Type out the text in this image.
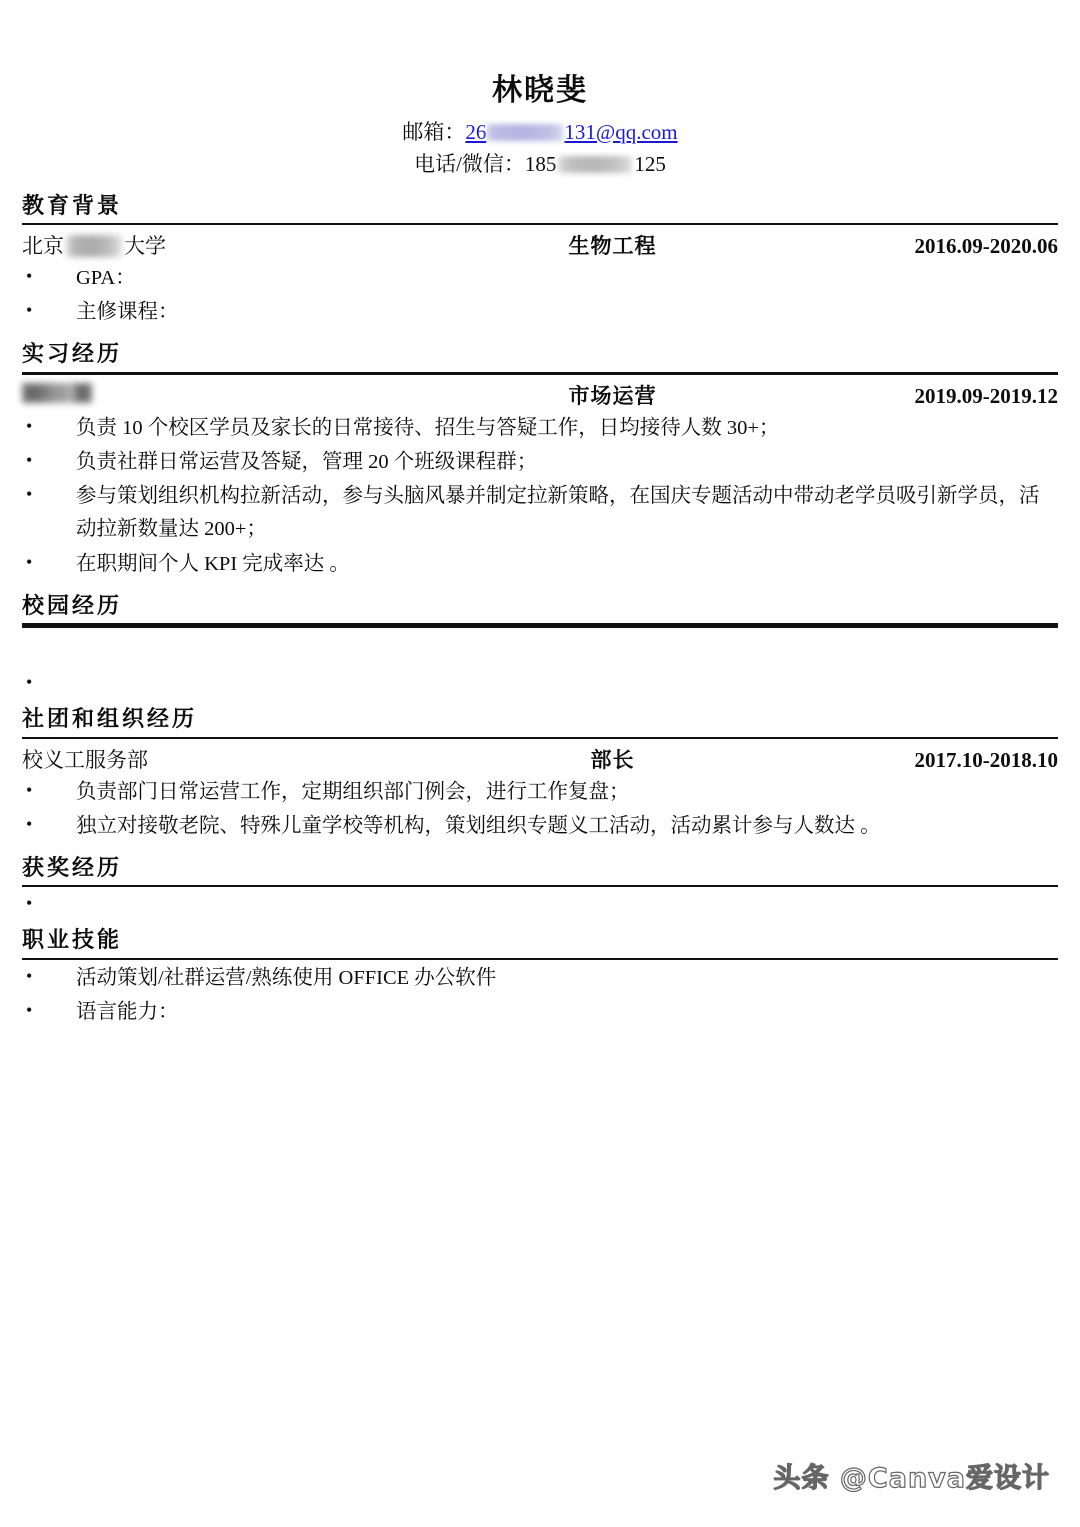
林晓斐
邮箱：26	131@qq.com
电话/微信：185	125
教育背景
北京	大学	生物工程	2016.09-2020.06
• GPA：
• 主修课程：
实习经历
市场运营	2019.09-2019.12
• 负责 10 个校区学员及家长的日常接待、招生与答疑工作，日均接待人数 30+；
• 负责社群日常运营及答疑，管理 20 个班级课程群；
• 参与策划组织机构拉新活动，参与头脑风暴并制定拉新策略，在国庆专题活动中带动老学员吸引新学员，活动拉新数量达 200+；
• 在职期间个人 KPI 完成率达 。
校园经历
•
社团和组织经历
校义工服务部	部长	2017.10-2018.10
• 负责部门日常运营工作，定期组织部门例会，进行工作复盘；
• 独立对接敬老院、特殊儿童学校等机构，策划组织专题义工活动，活动累计参与人数达 。
获奖经历
•
职业技能
• 活动策划/社群运营/熟练使用 OFFICE 办公软件
• 语言能力：
头条 @Canva爱设计
